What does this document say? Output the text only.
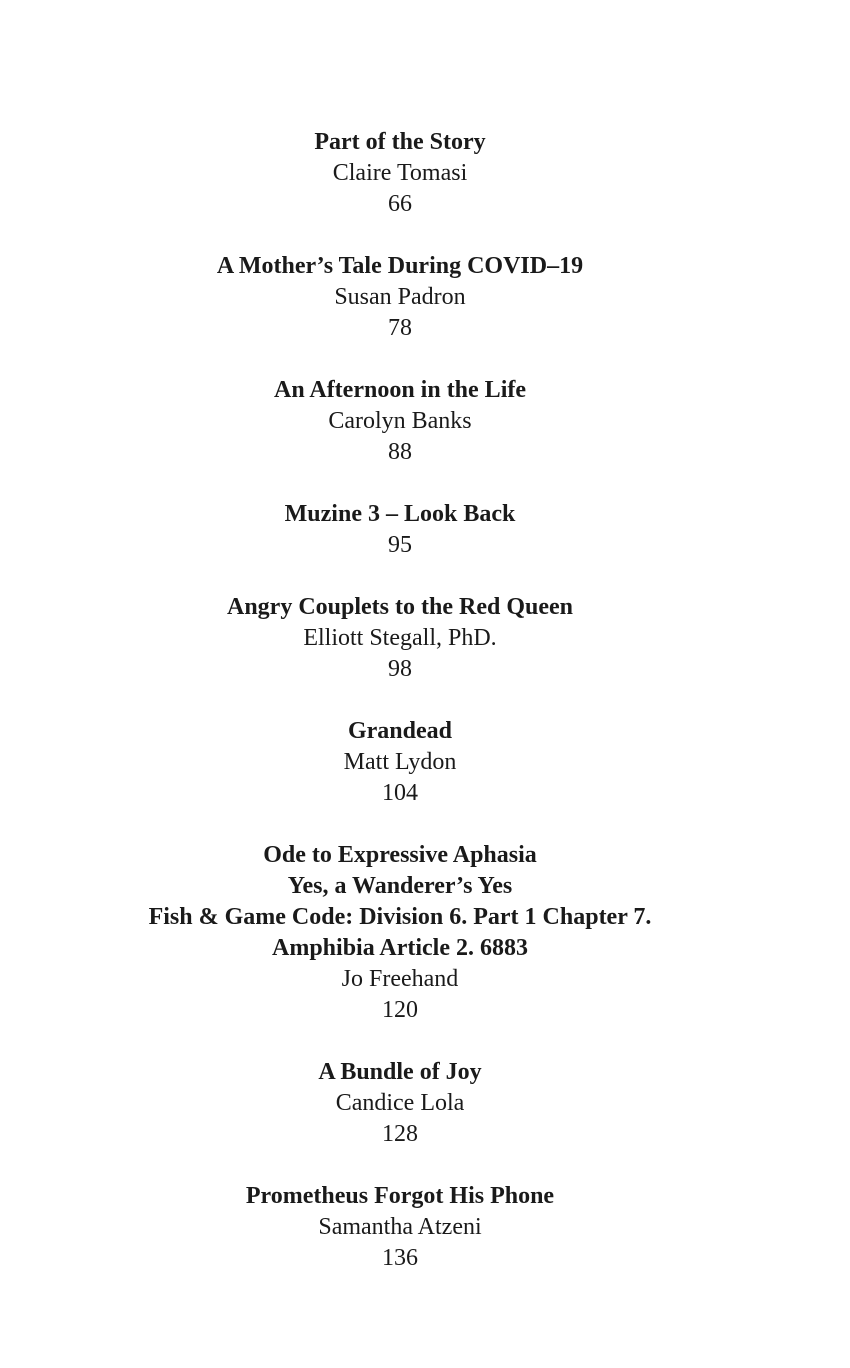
Part of the Story
Claire Tomasi
66
A Mother’s Tale During COVID–19
Susan Padron
78
An Afternoon in the Life
Carolyn Banks
88
Muzine 3 – Look Back
95
Angry Couplets to the Red Queen
Elliott Stegall, PhD.
98
Grandead
Matt Lydon
104
Ode to Expressive Aphasia
Yes, a Wanderer’s Yes
Fish & Game Code: Division 6. Part 1 Chapter 7.
Amphibia Article 2. 6883
Jo Freehand
120
A Bundle of Joy
Candice Lola
128
Prometheus Forgot His Phone
Samantha Atzeni
136
